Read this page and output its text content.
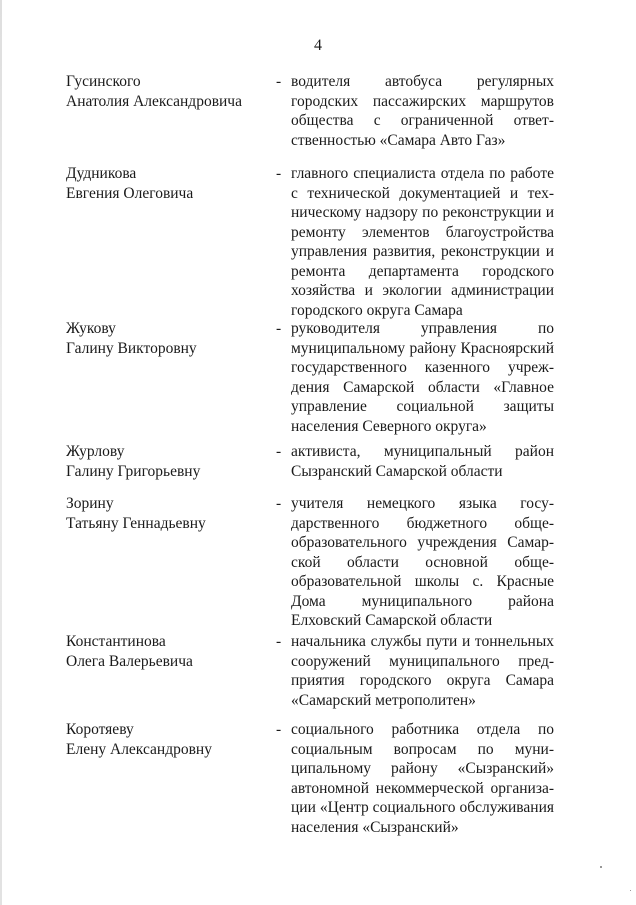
4
Гусинского
Анатолия Александровича
- водителя автобуса регулярных
городских пассажирских маршрутов
общества с ограниченной ответ-
ственностью «Самара Авто Газ»
Дудникова
Евгения Олеговича
- главного специалиста отдела по работе
с технической документацией и тех-
ническому надзору по реконструкции и
ремонту элементов благоустройства
управления развития, реконструкции и
ремонта департамента городского
хозяйства и экологии администрации
городского округа Самара
Жукову
Галину Викторовну
- руководителя управления по
муниципальному району Красноярский
государственного казенного учреж-
дения Самарской области «Главное
управление социальной защиты
населения Северного округа»
Журлову
Галину Григорьевну
- активиста, муниципальный район
Сызранский Самарской области
Зорину
Татьяну Геннадьевну
- учителя немецкого языка госу-
дарственного бюджетного обще-
образовательного учреждения Самар-
ской области основной обще-
образовательной школы с. Красные
Дома муниципального района
Елховский Самарской области
Константинова
Олега Валерьевича
- начальника службы пути и тоннельных
сооружений муниципального пред-
приятия городского округа Самара
«Самарский метрополитен»
Коротяеву
Елену Александровну
- социального работника отдела по
социальным вопросам по муни-
ципальному району «Сызранский»
автономной некоммерческой организа-
ции «Центр социального обслуживания
населения «Сызранский»
